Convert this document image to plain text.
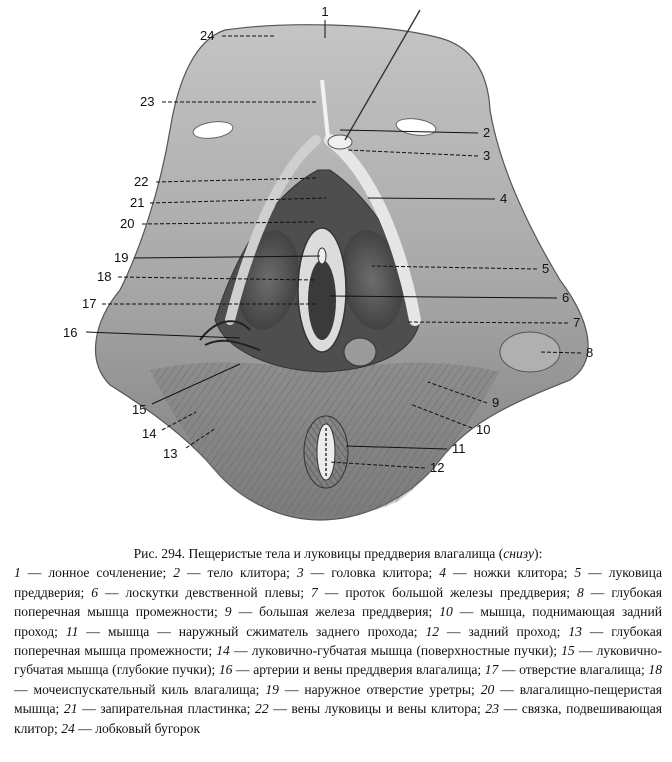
1
24
23
2
3
22
4
21
20
19
5
18
6
17
7
16
8
9
15
10
14
11
13
12
Рис. 294. Пещеристые тела и луковицы преддверия влагалища (снизу):
1 — лонное сочленение; 2 — тело клитора; 3 — головка клитора; 4 — ножки клитора; 5 — луковица преддверия; 6 — лоскутки девственной плевы; 7 — проток большой железы преддверия; 8 — глубокая поперечная мышца промежности; 9 — большая железа преддверия; 10 — мышца, поднимающая задний проход; 11 — мышца — наружный сжиматель заднего прохода; 12 — задний проход; 13 — глубокая поперечная мышца промежности; 14 — луковично-губчатая мышца (поверхностные пучки); 15 — луковично-губчатая мышца (глубокие пучки); 16 — артерии и вены преддверия влагалища; 17 — отверстие влагалища; 18 — мочеиспускательный киль влагалища; 19 — наружное отверстие уретры; 20 — влагалищно-пещеристая мышца; 21 — запирательная пластинка; 22 — вены луковицы и вены клитора; 23 — связка, подвешивающая клитор; 24 — лобковый бугорок
